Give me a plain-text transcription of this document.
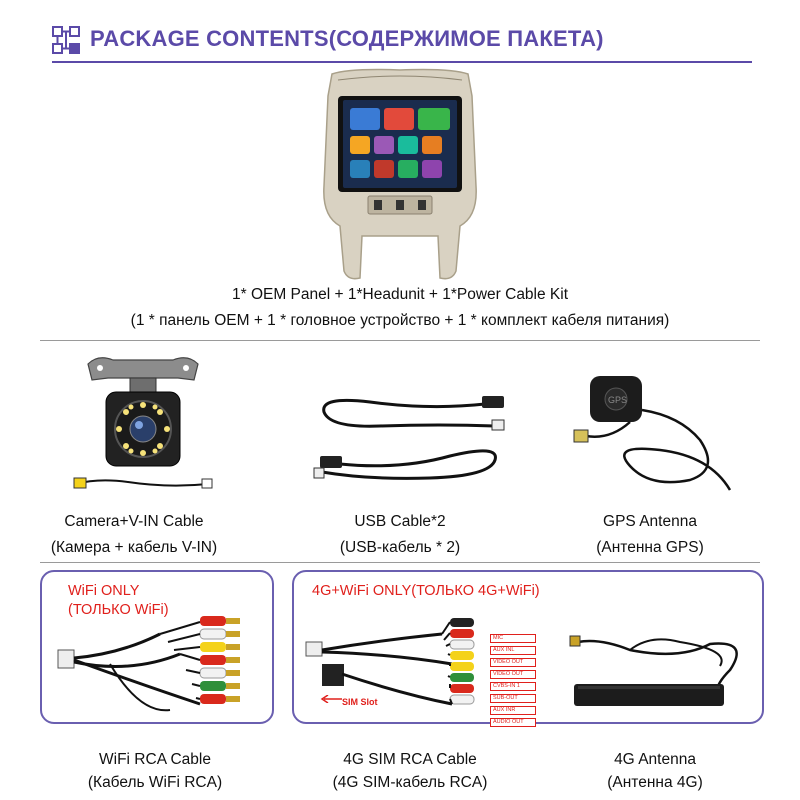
PACKAGE CONTENTS(СОДЕРЖИМОЕ ПАКЕТА)
1* OEM Panel + 1*Headunit + 1*Power Cable Kit
(1 * панель OEM + 1 * головное устройство + 1 * комплект кабеля питания)
Camera+V-IN Cable
(Камера + кабель V-IN)
USB Cable*2
(USB-кабель * 2)
GPS
GPS Antenna
(Антенна GPS)
WiFi ONLY
(ТОЛЬКО WiFi)
WiFi RCA Cable
(Кабель WiFi RCA)
4G+WiFi ONLY(ТОЛЬКО 4G+WiFi)
SIM Slot
MIC
AUX INL
VIDEO OUT
VIDEO OUT
CVBS-IN 1
SUB-OUT
AUX INR
AUDIO OUT
4G SIM RCA Cable
(4G SIM-кабель RCA)
4G Antenna
(Антенна 4G)
